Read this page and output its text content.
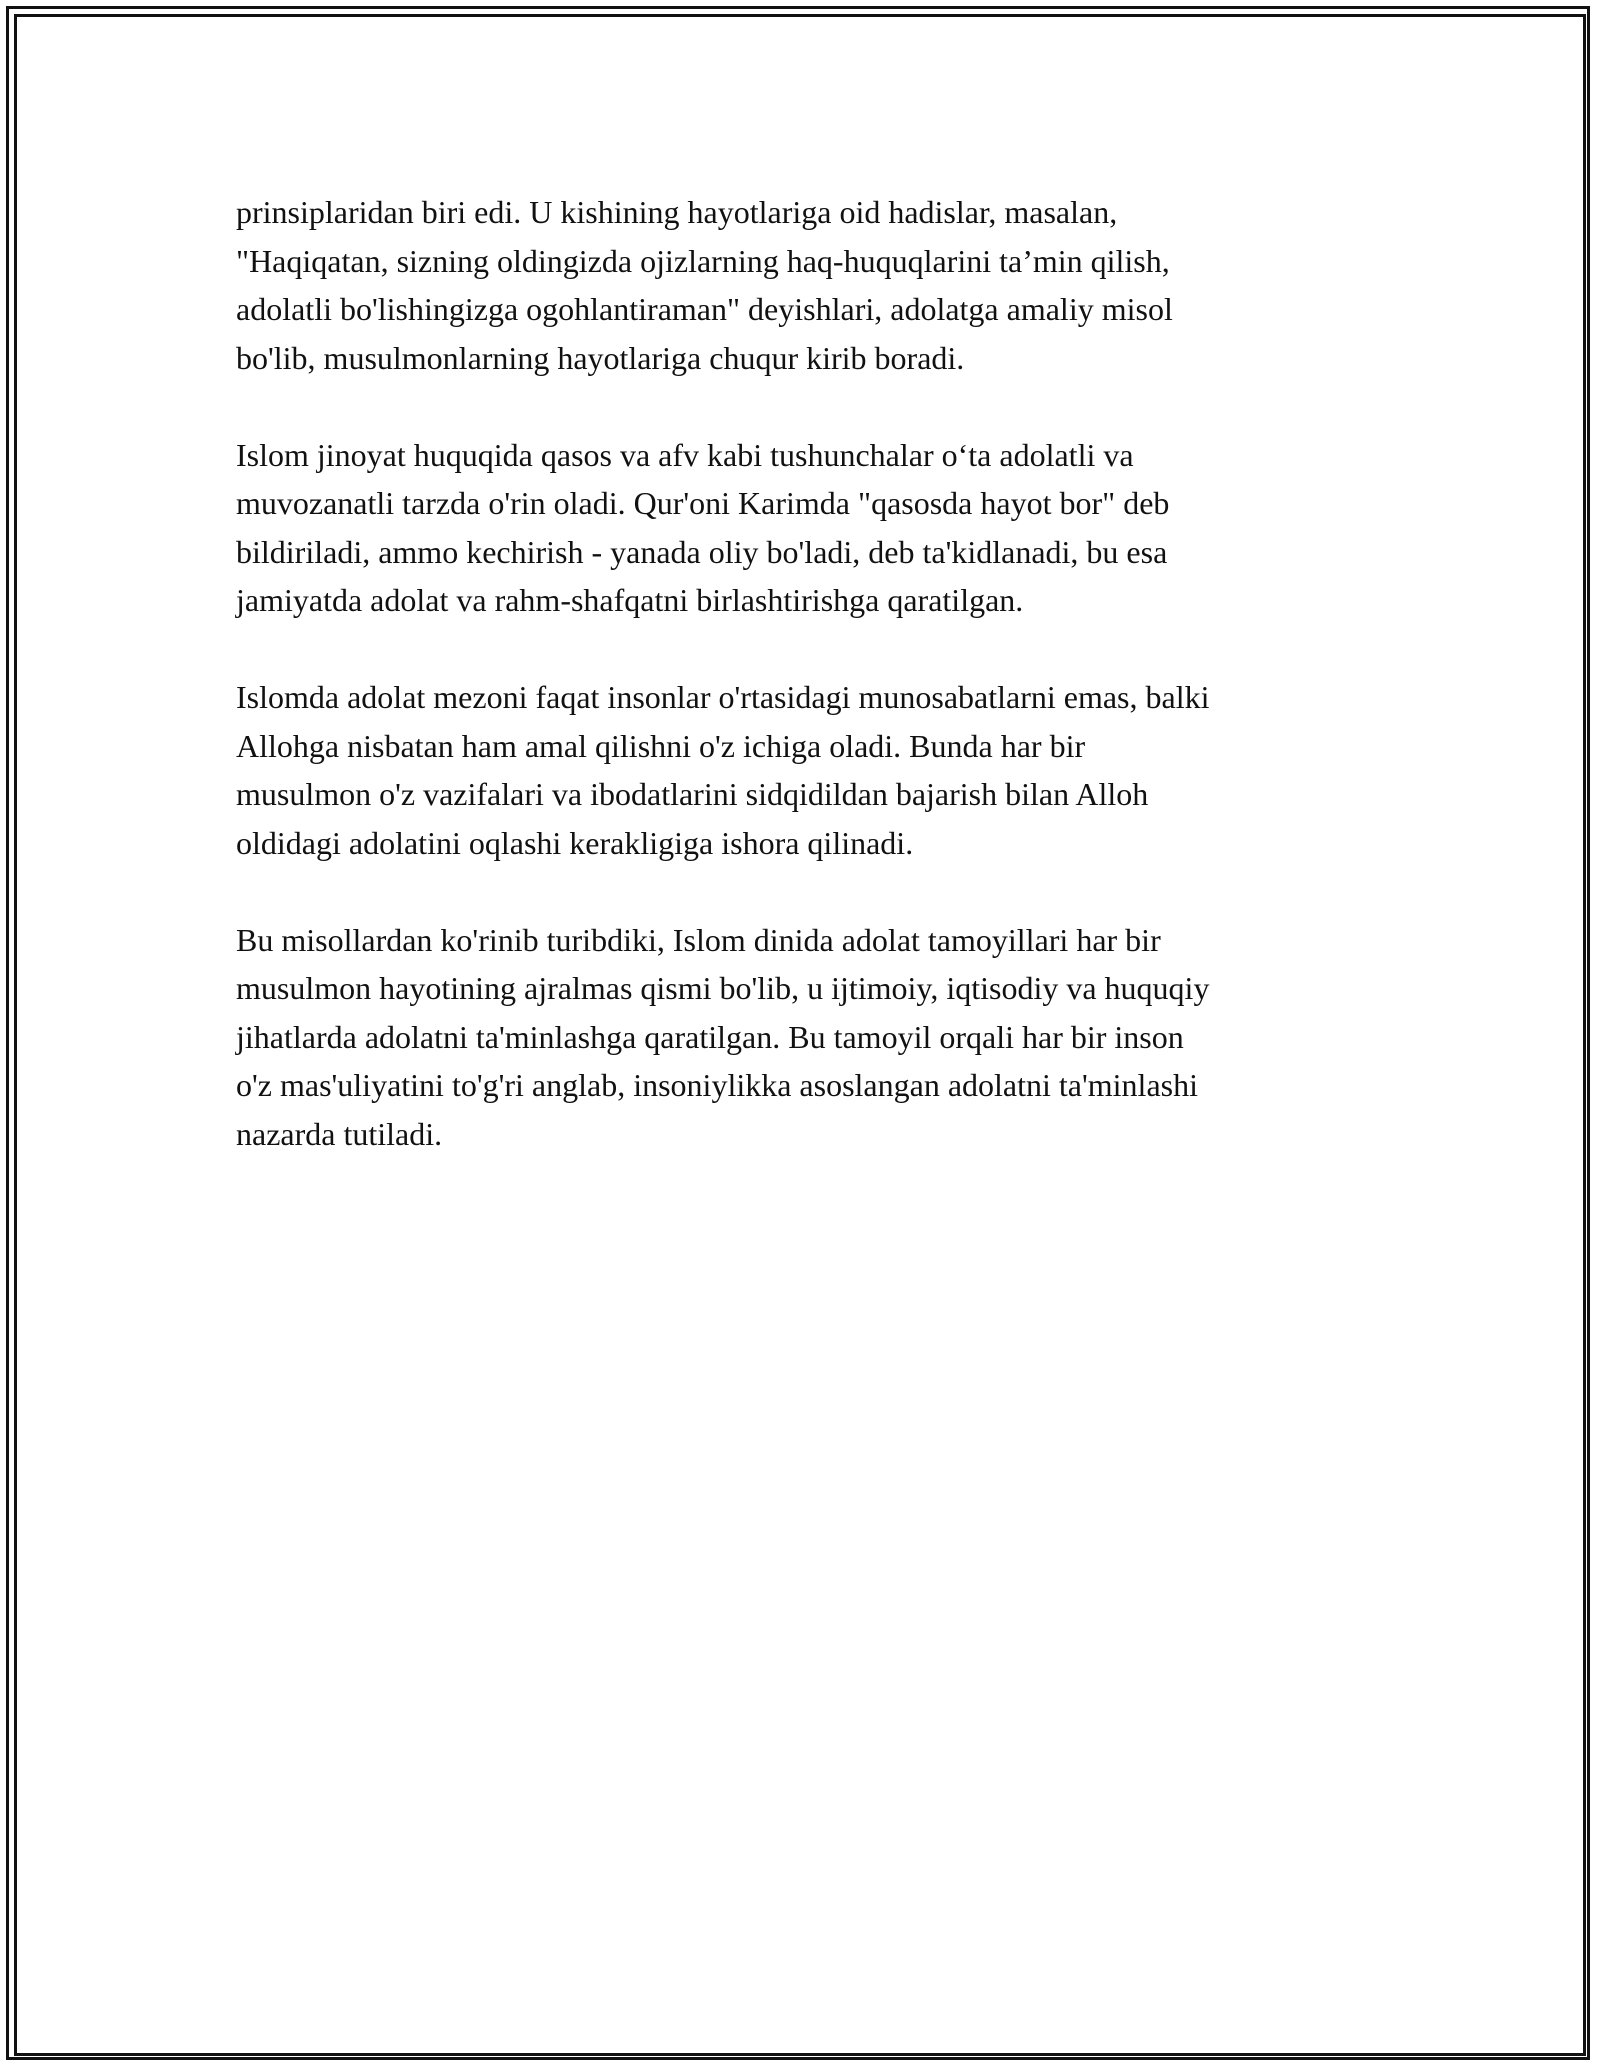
prinsiplaridan biri edi. U kishining hayotlariga oid hadislar, masalan,
"Haqiqatan, sizning oldingizda ojizlarning haq-huquqlarini ta’min qilish,
adolatli bo'lishingizga ogohlantiraman" deyishlari, adolatga amaliy misol
bo'lib, musulmonlarning hayotlariga chuqur kirib boradi.

Islom jinoyat huquqida qasos va afv kabi tushunchalar o‘ta adolatli va
muvozanatli tarzda o'rin oladi. Qur'oni Karimda "qasosda hayot bor" deb
bildiriladi, ammo kechirish - yanada oliy bo'ladi, deb ta'kidlanadi, bu esa
jamiyatda adolat va rahm-shafqatni birlashtirishga qaratilgan.

Islomda adolat mezoni faqat insonlar o'rtasidagi munosabatlarni emas, balki
Allohga nisbatan ham amal qilishni o'z ichiga oladi. Bunda har bir
musulmon o'z vazifalari va ibodatlarini sidqidildan bajarish bilan Alloh
oldidagi adolatini oqlashi kerakligiga ishora qilinadi.

Bu misollardan ko'rinib turibdiki, Islom dinida adolat tamoyillari har bir
musulmon hayotining ajralmas qismi bo'lib, u ijtimoiy, iqtisodiy va huquqiy
jihatlarda adolatni ta'minlashga qaratilgan. Bu tamoyil orqali har bir inson
o'z mas'uliyatini to'g'ri anglab, insoniylikka asoslangan adolatni ta'minlashi
nazarda tutiladi.
